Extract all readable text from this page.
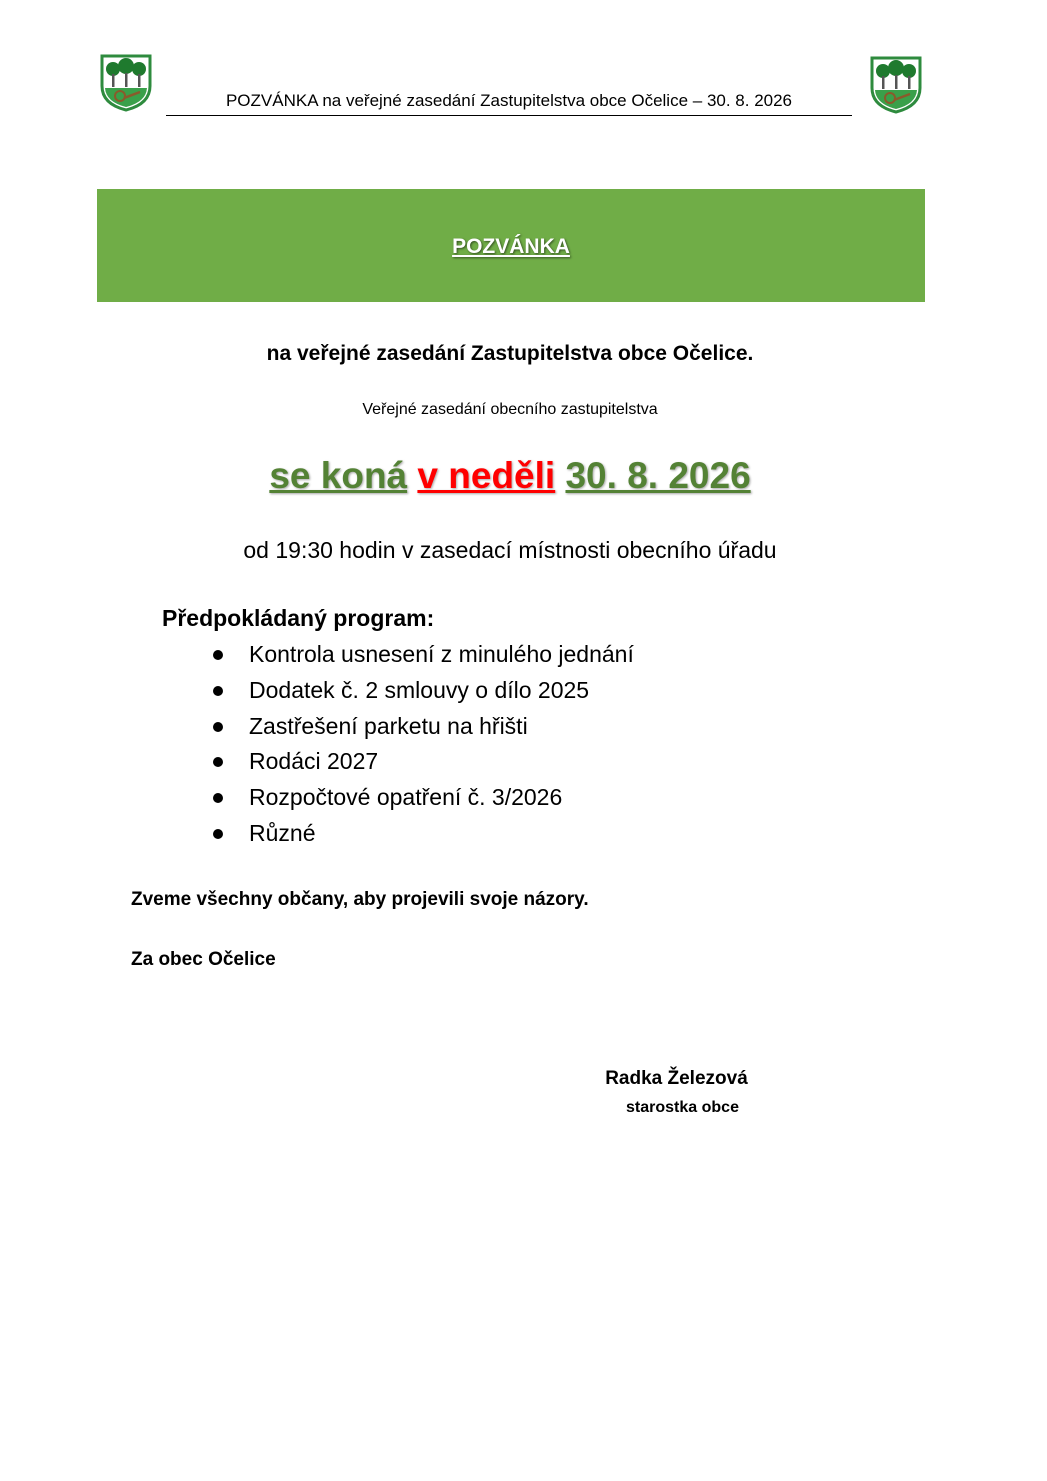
POZVÁNKA na veřejné zasedání Zastupitelstva obce Očelice – 30. 8. 2026
POZVÁNKA
na veřejné zasedání Zastupitelstva obce Očelice.
Veřejné zasedání obecního zastupitelstva
se koná v neděli 30. 8. 2026
od 19:30 hodin v zasedací místnosti obecního úřadu
Předpokládaný program:
Kontrola usnesení z minulého jednání
Dodatek č. 2 smlouvy o dílo 2025
Zastřešení parketu na hřišti
Rodáci 2027
Rozpočtové opatření č. 3/2026
Různé
Zveme všechny občany, aby projevili svoje názory.
Za obec Očelice
Radka Železová
starostka obce
